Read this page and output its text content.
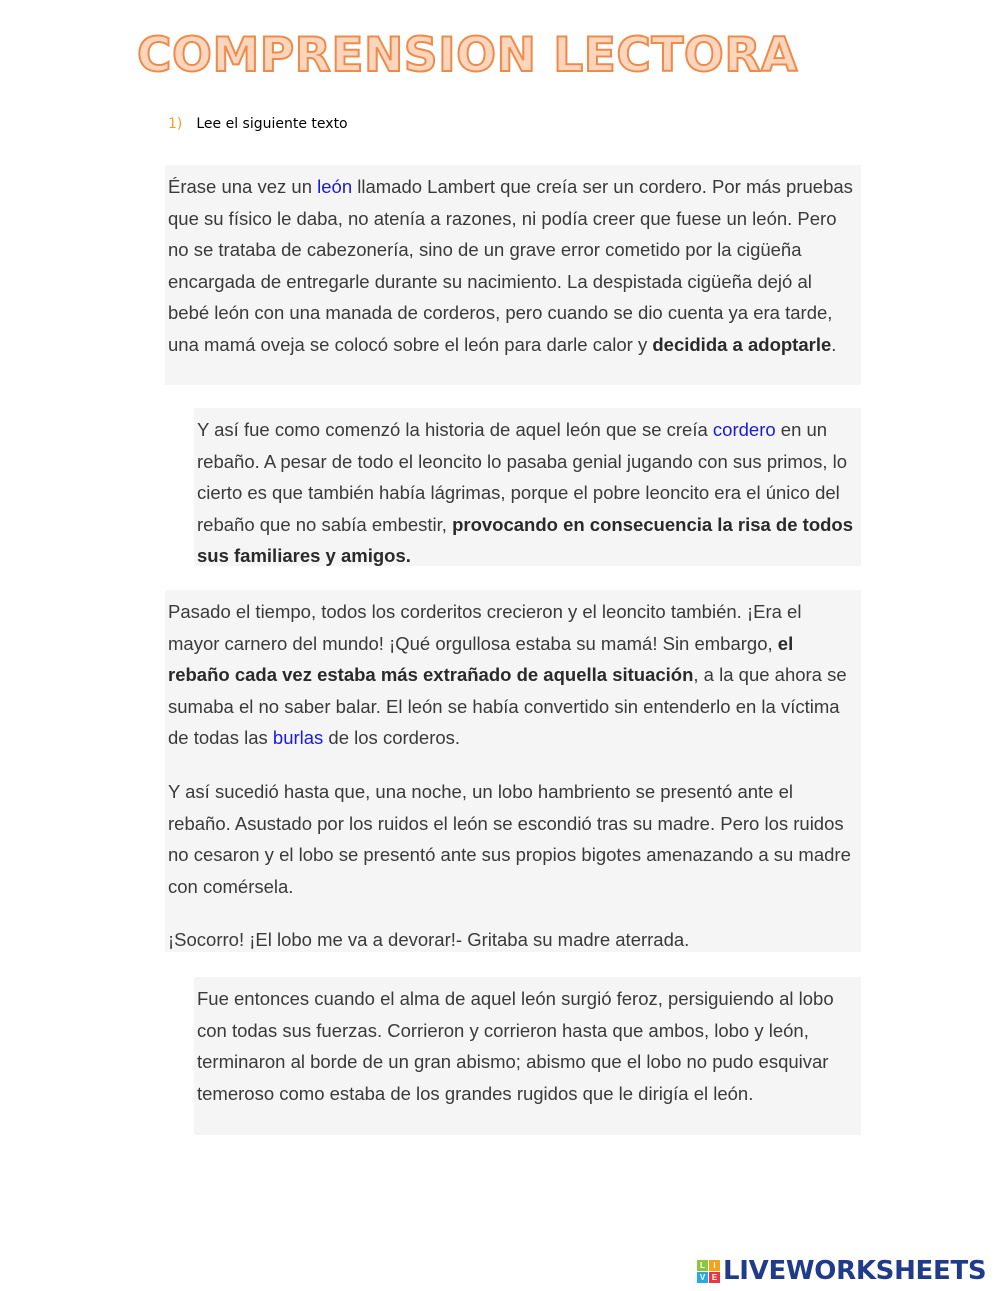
COMPRENSION LECTORA
1) Lee el siguiente texto

Érase una vez un león llamado Lambert que creía ser un cordero. Por más pruebas que su físico le daba, no atenía a razones, ni podía creer que fuese un león. Pero no se trataba de cabezonería, sino de un grave error cometido por la cigüeña encargada de entregarle durante su nacimiento. La despistada cigüeña dejó al bebé león con una manada de corderos, pero cuando se dio cuenta ya era tarde, una mamá oveja se colocó sobre el león para darle calor y decidida a adoptarle.

Y así fue como comenzó la historia de aquel león que se creía cordero en un rebaño. A pesar de todo el leoncito lo pasaba genial jugando con sus primos, lo cierto es que también había lágrimas, porque el pobre leoncito era el único del rebaño que no sabía embestir, provocando en consecuencia la risa de todos sus familiares y amigos.

Pasado el tiempo, todos los corderitos crecieron y el leoncito también. ¡Era el mayor carnero del mundo! ¡Qué orgullosa estaba su mamá! Sin embargo, el rebaño cada vez estaba más extrañado de aquella situación, a la que ahora se sumaba el no saber balar. El león se había convertido sin entenderlo en la víctima de todas las burlas de los corderos.

Y así sucedió hasta que, una noche, un lobo hambriento se presentó ante el rebaño. Asustado por los ruidos el león se escondió tras su madre. Pero los ruidos no cesaron y el lobo se presentó ante sus propios bigotes amenazando a su madre con comérsela.

¡Socorro! ¡El lobo me va a devorar!- Gritaba su madre aterrada.

Fue entonces cuando el alma de aquel león surgió feroz, persiguiendo al lobo con todas sus fuerzas. Corrieron y corrieron hasta que ambos, lobo y león, terminaron al borde de un gran abismo; abismo que el lobo no pudo esquivar temeroso como estaba de los grandes rugidos que le dirigía el león.

L	I
V E LIVEWORKSHEETS
